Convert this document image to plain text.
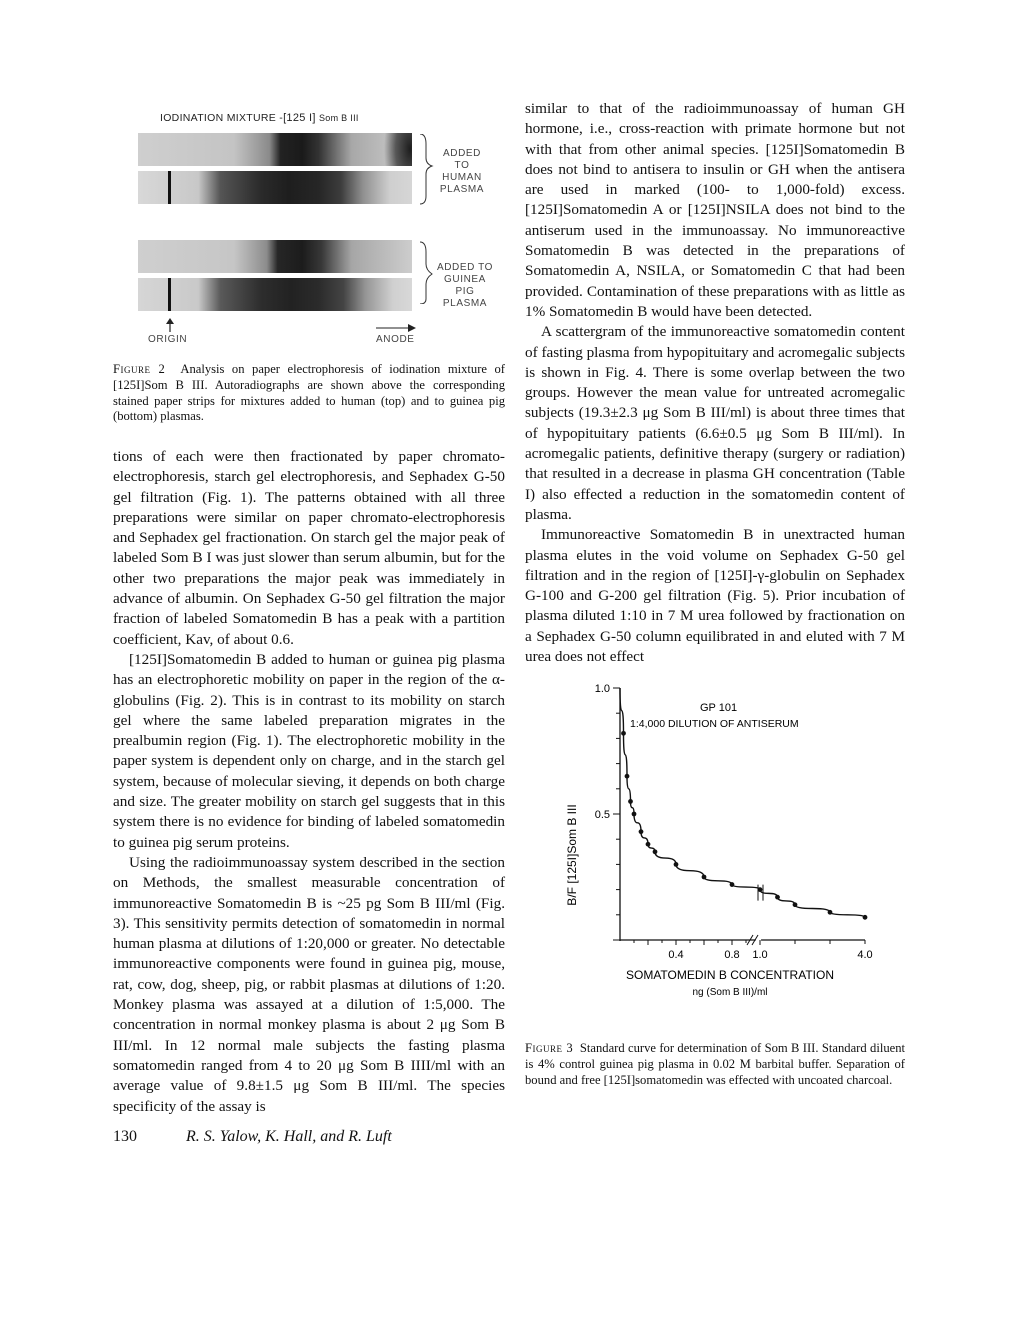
IODINATION MIXTURE -[125 I] Som B III
ADDED TO
HUMAN
PLASMA
ADDED TO
GUINEA PIG
PLASMA
ORIGIN	ANODE

Figure 2 Analysis on paper electrophoresis of iodination mixture of [125I]Som B III. Autoradiographs are shown above the corresponding stained paper strips for mixtures added to human (top) and to guinea pig (bottom) plasmas.

tions of each were then fractionated by paper chromato-electrophoresis, starch gel electrophoresis, and Sephadex G-50 gel filtration (Fig. 1). The patterns obtained with all three preparations were similar on paper chromato-electrophoresis and Sephadex gel fractionation. On starch gel the major peak of labeled Som B I was just slower than serum albumin, but for the other two preparations the major peak was immediately in advance of albumin. On Sephadex G-50 gel filtration the major fraction of labeled Somatomedin B has a peak with a partition coefficient, Kav, of about 0.6.

[125I]Somatomedin B added to human or guinea pig plasma has an electrophoretic mobility on paper in the region of the α-globulins (Fig. 2). This is in contrast to its mobility on starch gel where the same labeled preparation migrates in the prealbumin region (Fig. 1). The electrophoretic mobility in the paper system is dependent only on charge, and in the starch gel system, because of molecular sieving, it depends on both charge and size. The greater mobility on starch gel suggests that in this system there is no evidence for binding of labeled somatomedin to guinea pig serum proteins.

Using the radioimmunoassay system described in the section on Methods, the smallest measurable concentration of immunoreactive Somatomedin B is ~25 pg Som B III/ml (Fig. 3). This sensitivity permits detection of somatomedin in normal human plasma at dilutions of 1:20,000 or greater. No detectable immunoreactive components were found in guinea pig, mouse, rat, cow, dog, sheep, pig, or rabbit plasmas at dilutions of 1:20. Monkey plasma was assayed at a dilution of 1:5,000. The concentration in normal monkey plasma is about 2 μg Som B III/ml. In 12 normal male subjects the fasting plasma somatomedin ranged from 4 to 20 μg Som B IIII/ml with an average value of 9.8±1.5 μg Som B III/ml. The species specificity of the assay is

similar to that of the radioimmunoassay of human GH hormone, i.e., cross-reaction with primate hormone but not with that from other animal species. [125I]Somatomedin B does not bind to antisera to insulin or GH when the antisera are used in marked (100- to 1,000-fold) excess. [125I]Somatomedin A or [125I]NSILA does not bind to the antiserum used in the immunoassay. No immunoreactive Somatomedin B was detected in the preparations of Somatomedin A, NSILA, or Somatomedin C that had been provided. Contamination of these preparations with as little as 1% Somatomedin B would have been detected.

A scattergram of the immunoreactive somatomedin content of fasting plasma from hypopituitary and acromegalic subjects is shown in Fig. 4. There is some overlap between the two groups. However the mean value for untreated acromegalic subjects (19.3±2.3 μg Som B III/ml) is about three times that of hypopituitary patients (6.6±0.5 μg Som B III/ml). In acromegalic patients, definitive therapy (surgery or radiation) that resulted in a decrease in plasma GH concentration (Table I) also effected a reduction in the somatomedin content of plasma.

Immunoreactive Somatomedin B in unextracted human plasma elutes in the void volume on Sephadex G-50 gel filtration and in the region of [125I]-γ-globulin on Sephadex G-100 and G-200 gel filtration (Fig. 5). Prior incubation of plasma diluted 1:10 in 7 M urea followed by fractionation on a Sephadex G-50 column equilibrated in and eluted with 7 M urea does not effect

1.0
0.5
0.4	0.8 1.0	4.0
GP 101
1:4,000 DILUTION OF ANTISERUM
B/F [125I]Som B III
SOMATOMEDIN B CONCENTRATION
ng (Som B III)/ml

Figure 3 Standard curve for determination of Som B III. Standard diluent is 4% control guinea pig plasma in 0.02 M barbital buffer. Separation of bound and free [125I]somatomedin was effected with uncoated charcoal.

130	R. S. Yalow, K. Hall, and R. Luft
